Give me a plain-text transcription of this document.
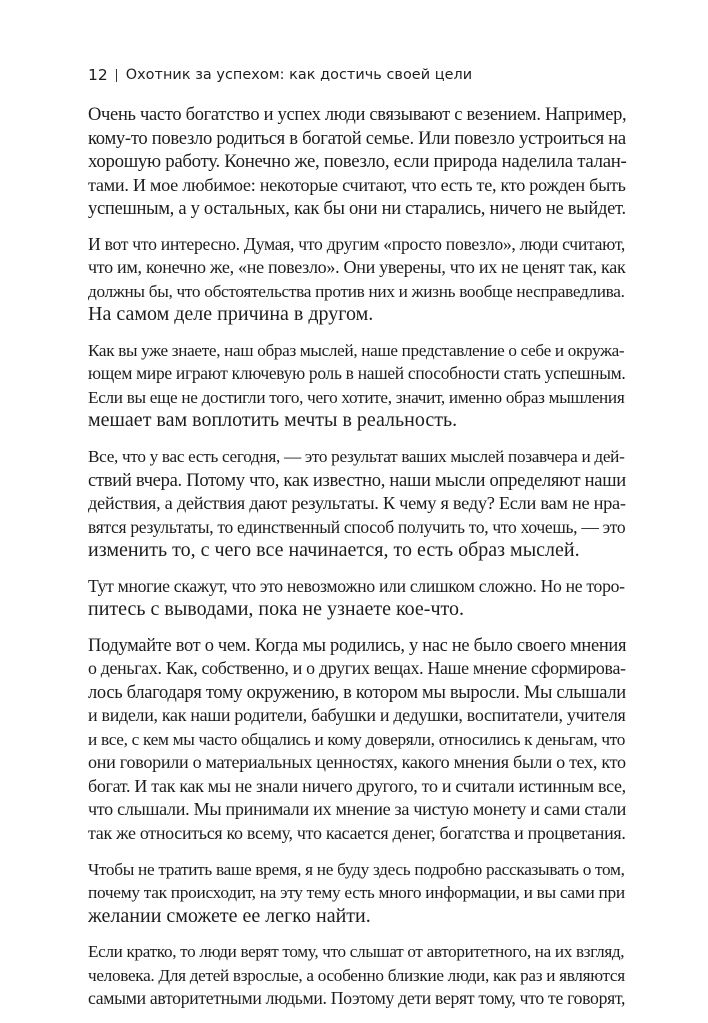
12 Охотник за успехом: как достичь своей цели
Очень часто богатство и успех люди связывают с везением. Например,
кому-то повезло родиться в богатой семье. Или повезло устроиться на
хорошую работу. Конечно же, повезло, если природа наделила талан-
тами. И мое любимое: некоторые считают, что есть те, кто рожден быть
успешным, а у остальных, как бы они ни старались, ничего не выйдет.
И вот что интересно. Думая, что другим «просто повезло», люди считают,
что им, конечно же, «не повезло». Они уверены, что их не ценят так, как
должны бы, что обстоятельства против них и жизнь вообще несправедлива.
На самом деле причина в другом.
Как вы уже знаете, наш образ мыслей, наше представление о себе и окружа-
ющем мире играют ключевую роль в нашей способности стать успешным.
Если вы еще не достигли того, чего хотите, значит, именно образ мышления
мешает вам воплотить мечты в реальность.
Все, что у вас есть сегодня, — это результат ваших мыслей позавчера и дей-
ствий вчера. Потому что, как известно, наши мысли определяют наши
действия, а действия дают результаты. К чему я веду? Если вам не нра-
вятся результаты, то единственный способ получить то, что хочешь, — это
изменить то, с чего все начинается, то есть образ мыслей.
Тут многие скажут, что это невозможно или слишком сложно. Но не торо-
питесь с выводами, пока не узнаете кое-что.
Подумайте вот о чем. Когда мы родились, у нас не было своего мнения
о деньгах. Как, собственно, и о других вещах. Наше мнение сформирова-
лось благодаря тому окружению, в котором мы выросли. Мы слышали
и видели, как наши родители, бабушки и дедушки, воспитатели, учителя
и все, с кем мы часто общались и кому доверяли, относились к деньгам, что
они говорили о материальных ценностях, какого мнения были о тех, кто
богат. И так как мы не знали ничего другого, то и считали истинным все,
что слышали. Мы принимали их мнение за чистую монету и сами стали
так же относиться ко всему, что касается денег, богатства и процветания.
Чтобы не тратить ваше время, я не буду здесь подробно рассказывать о том,
почему так происходит, на эту тему есть много информации, и вы сами при
желании сможете ее легко найти.
Если кратко, то люди верят тому, что слышат от авторитетного, на их взгляд,
человека. Для детей взрослые, а особенно близкие люди, как раз и являются
самыми авторитетными людьми. Поэтому дети верят тому, что те говорят,
